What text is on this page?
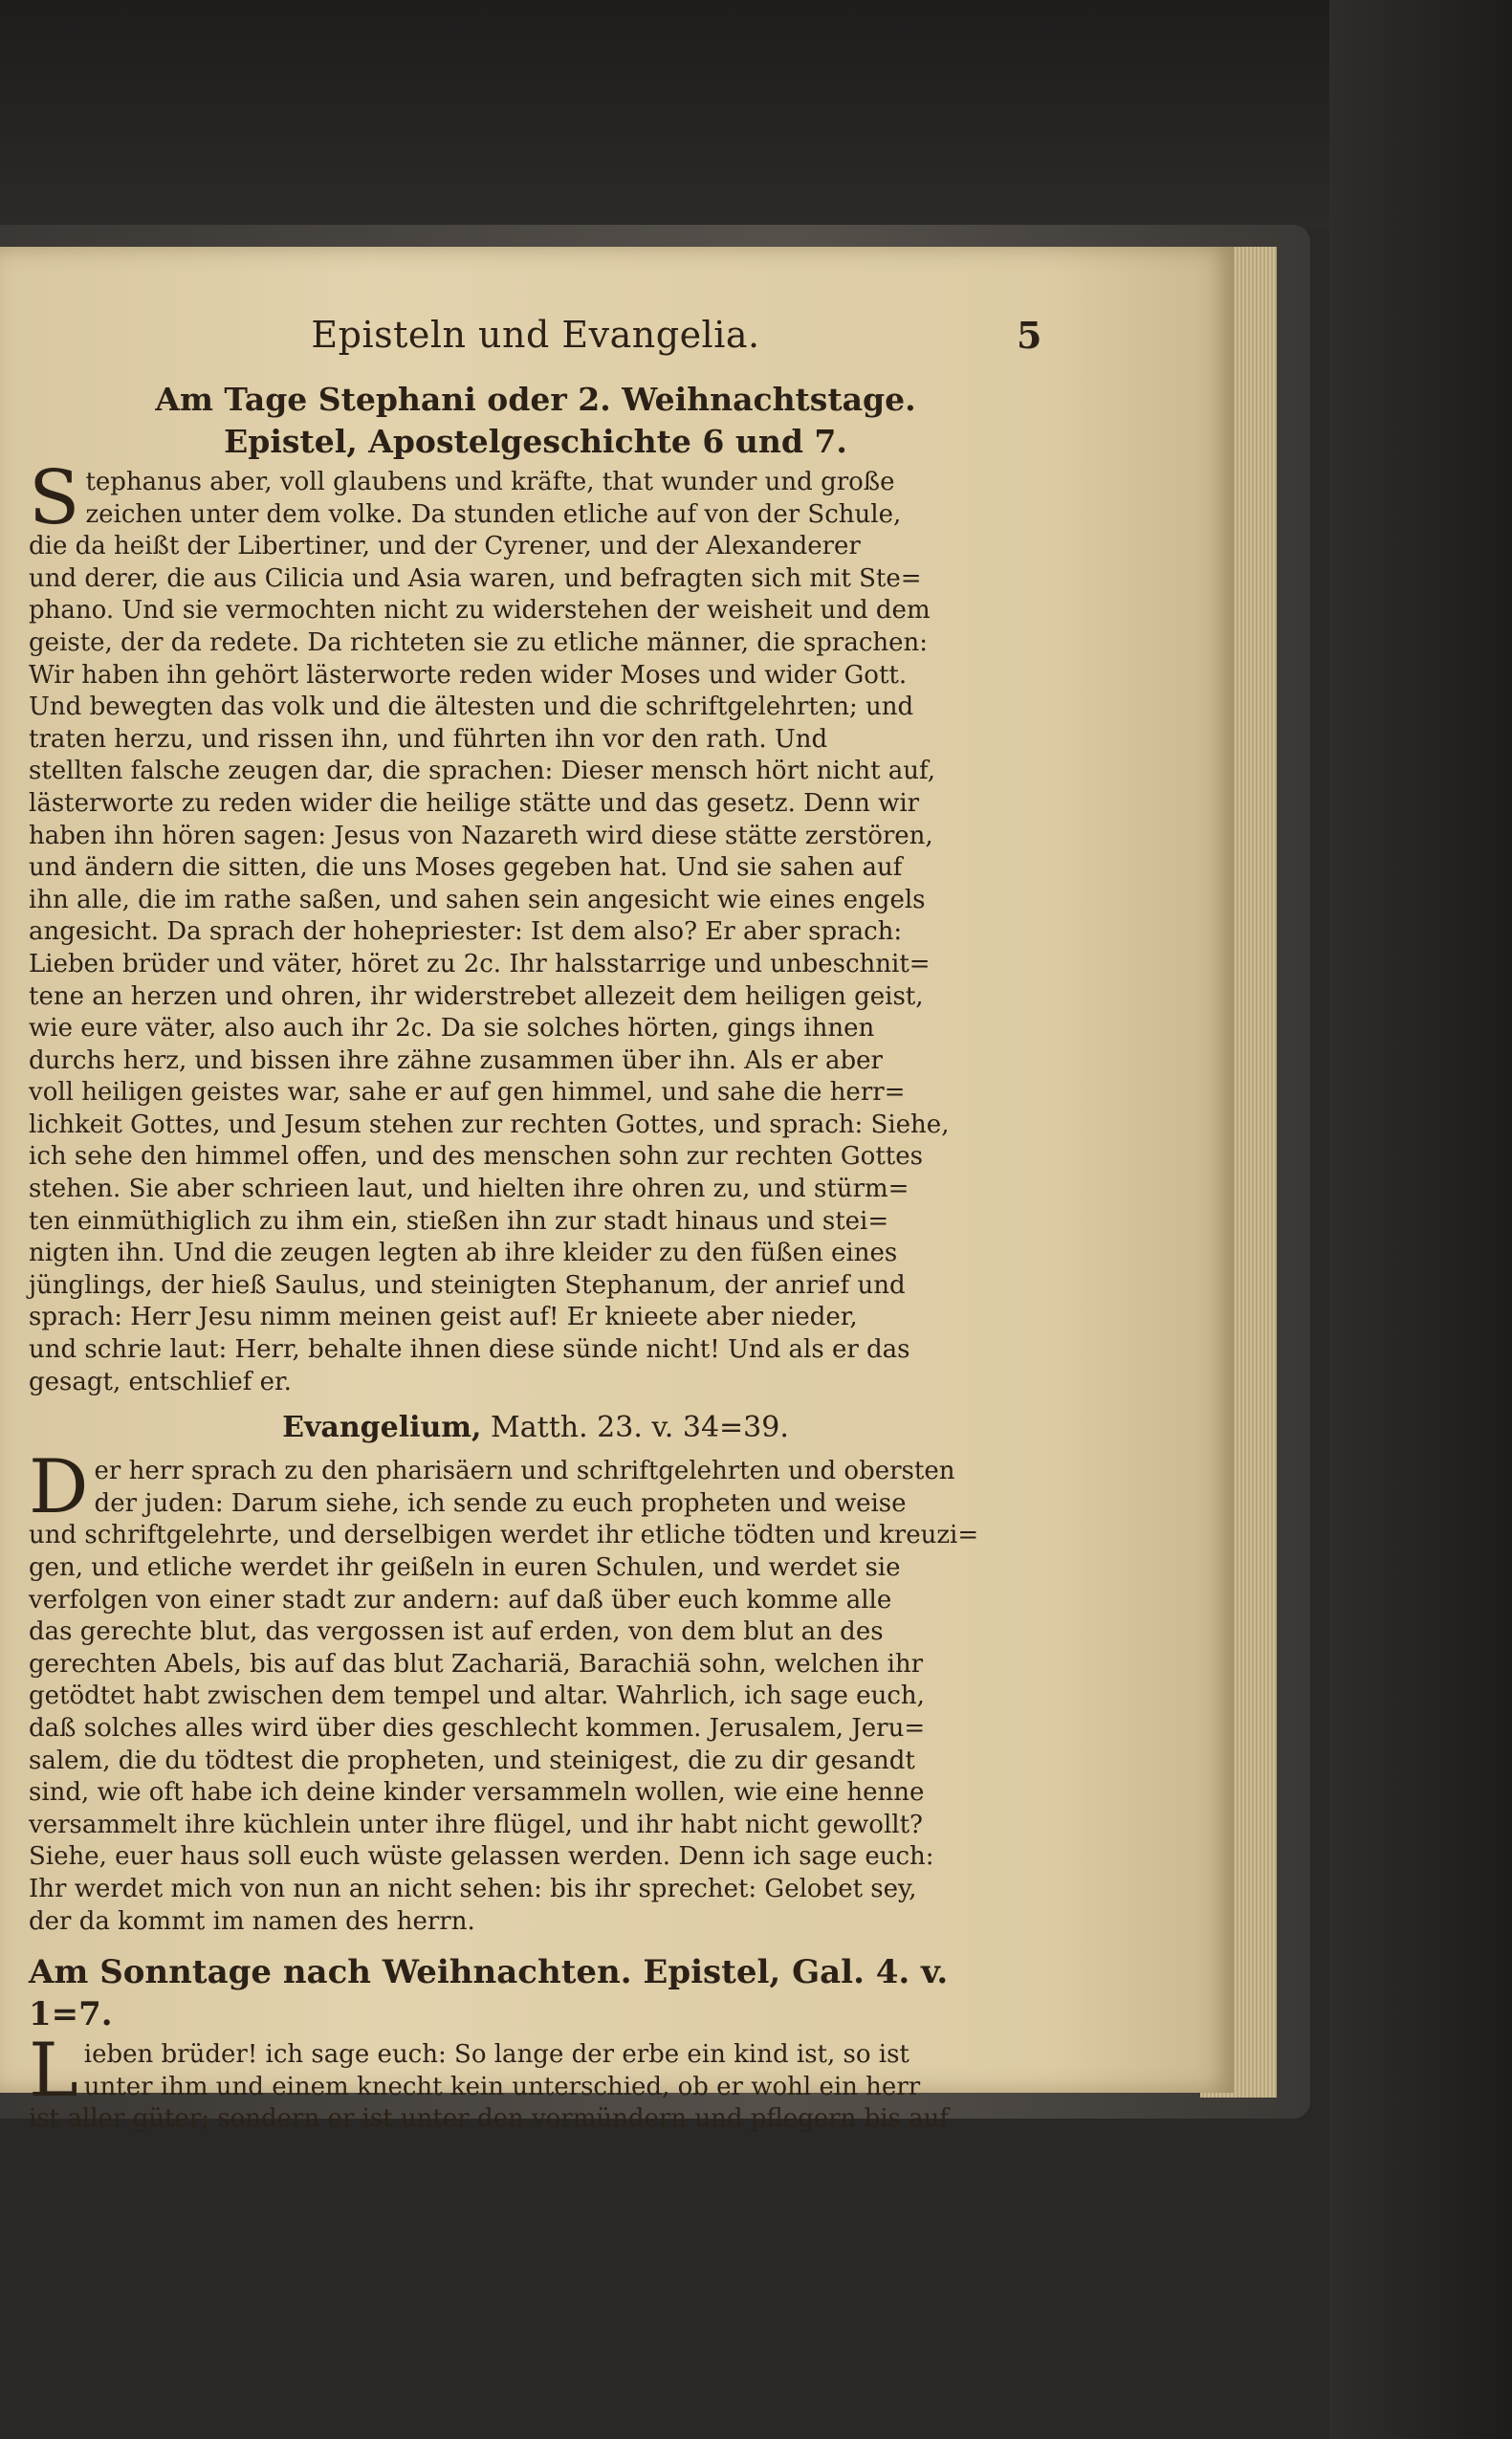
Episteln und Evangelia.	5
Am Tage Stephani oder 2. Weihnachtstage.
Epistel, Apostelgeschichte 6 und 7.
S tephanus aber, voll glaubens und kräfte, that wunder und große
zeichen unter dem volke. Da stunden etliche auf von der Schule,
die da heißt der Libertiner, und der Cyrener, und der Alexanderer
und derer, die aus Cilicia und Asia waren, und befragten sich mit Ste=
phano. Und sie vermochten nicht zu widerstehen der weisheit und dem
geiste, der da redete. Da richteten sie zu etliche männer, die sprachen:
Wir haben ihn gehört lästerworte reden wider Moses und wider Gott.
Und bewegten das volk und die ältesten und die schriftgelehrten; und
traten herzu, und rissen ihn, und führten ihn vor den rath. Und
stellten falsche zeugen dar, die sprachen: Dieser mensch hört nicht auf,
lästerworte zu reden wider die heilige stätte und das gesetz. Denn wir
haben ihn hören sagen: Jesus von Nazareth wird diese stätte zerstören,
und ändern die sitten, die uns Moses gegeben hat. Und sie sahen auf
ihn alle, die im rathe saßen, und sahen sein angesicht wie eines engels
angesicht. Da sprach der hohepriester: Ist dem also? Er aber sprach:
Lieben brüder und väter, höret zu 2c. Ihr halsstarrige und unbeschnit=
tene an herzen und ohren, ihr widerstrebet allezeit dem heiligen geist,
wie eure väter, also auch ihr 2c. Da sie solches hörten, gings ihnen
durchs herz, und bissen ihre zähne zusammen über ihn. Als er aber
voll heiligen geistes war, sahe er auf gen himmel, und sahe die herr=
lichkeit Gottes, und Jesum stehen zur rechten Gottes, und sprach: Siehe,
ich sehe den himmel offen, und des menschen sohn zur rechten Gottes
stehen. Sie aber schrieen laut, und hielten ihre ohren zu, und stürm=
ten einmüthiglich zu ihm ein, stießen ihn zur stadt hinaus und stei=
nigten ihn. Und die zeugen legten ab ihre kleider zu den füßen eines
jünglings, der hieß Saulus, und steinigten Stephanum, der anrief und
sprach: Herr Jesu nimm meinen geist auf! Er knieete aber nieder,
und schrie laut: Herr, behalte ihnen diese sünde nicht! Und als er das
gesagt, entschlief er.

Evangelium, Matth. 23. v. 34=39.
D er herr sprach zu den pharisäern und schriftgelehrten und obersten
der juden: Darum siehe, ich sende zu euch propheten und weise
und schriftgelehrte, und derselbigen werdet ihr etliche tödten und kreuzi=
gen, und etliche werdet ihr geißeln in euren Schulen, und werdet sie
verfolgen von einer stadt zur andern: auf daß über euch komme alle
das gerechte blut, das vergossen ist auf erden, von dem blut an des
gerechten Abels, bis auf das blut Zachariä, Barachiä sohn, welchen ihr
getödtet habt zwischen dem tempel und altar. Wahrlich, ich sage euch,
daß solches alles wird über dies geschlecht kommen. Jerusalem, Jeru=
salem, die du tödtest die propheten, und steinigest, die zu dir gesandt
sind, wie oft habe ich deine kinder versammeln wollen, wie eine henne
versammelt ihre küchlein unter ihre flügel, und ihr habt nicht gewollt?
Siehe, euer haus soll euch wüste gelassen werden. Denn ich sage euch:
Ihr werdet mich von nun an nicht sehen: bis ihr sprechet: Gelobet sey,
der da kommt im namen des herrn.

Am Sonntage nach Weihnachten. Epistel, Gal. 4. v. 1=7.
L ieben brüder! ich sage euch: So lange der erbe ein kind ist, so ist
unter ihm und einem knecht kein unterschied, ob er wohl ein herr
ist aller güter; sondern er ist unter den vormündern und pflegern bis auf
